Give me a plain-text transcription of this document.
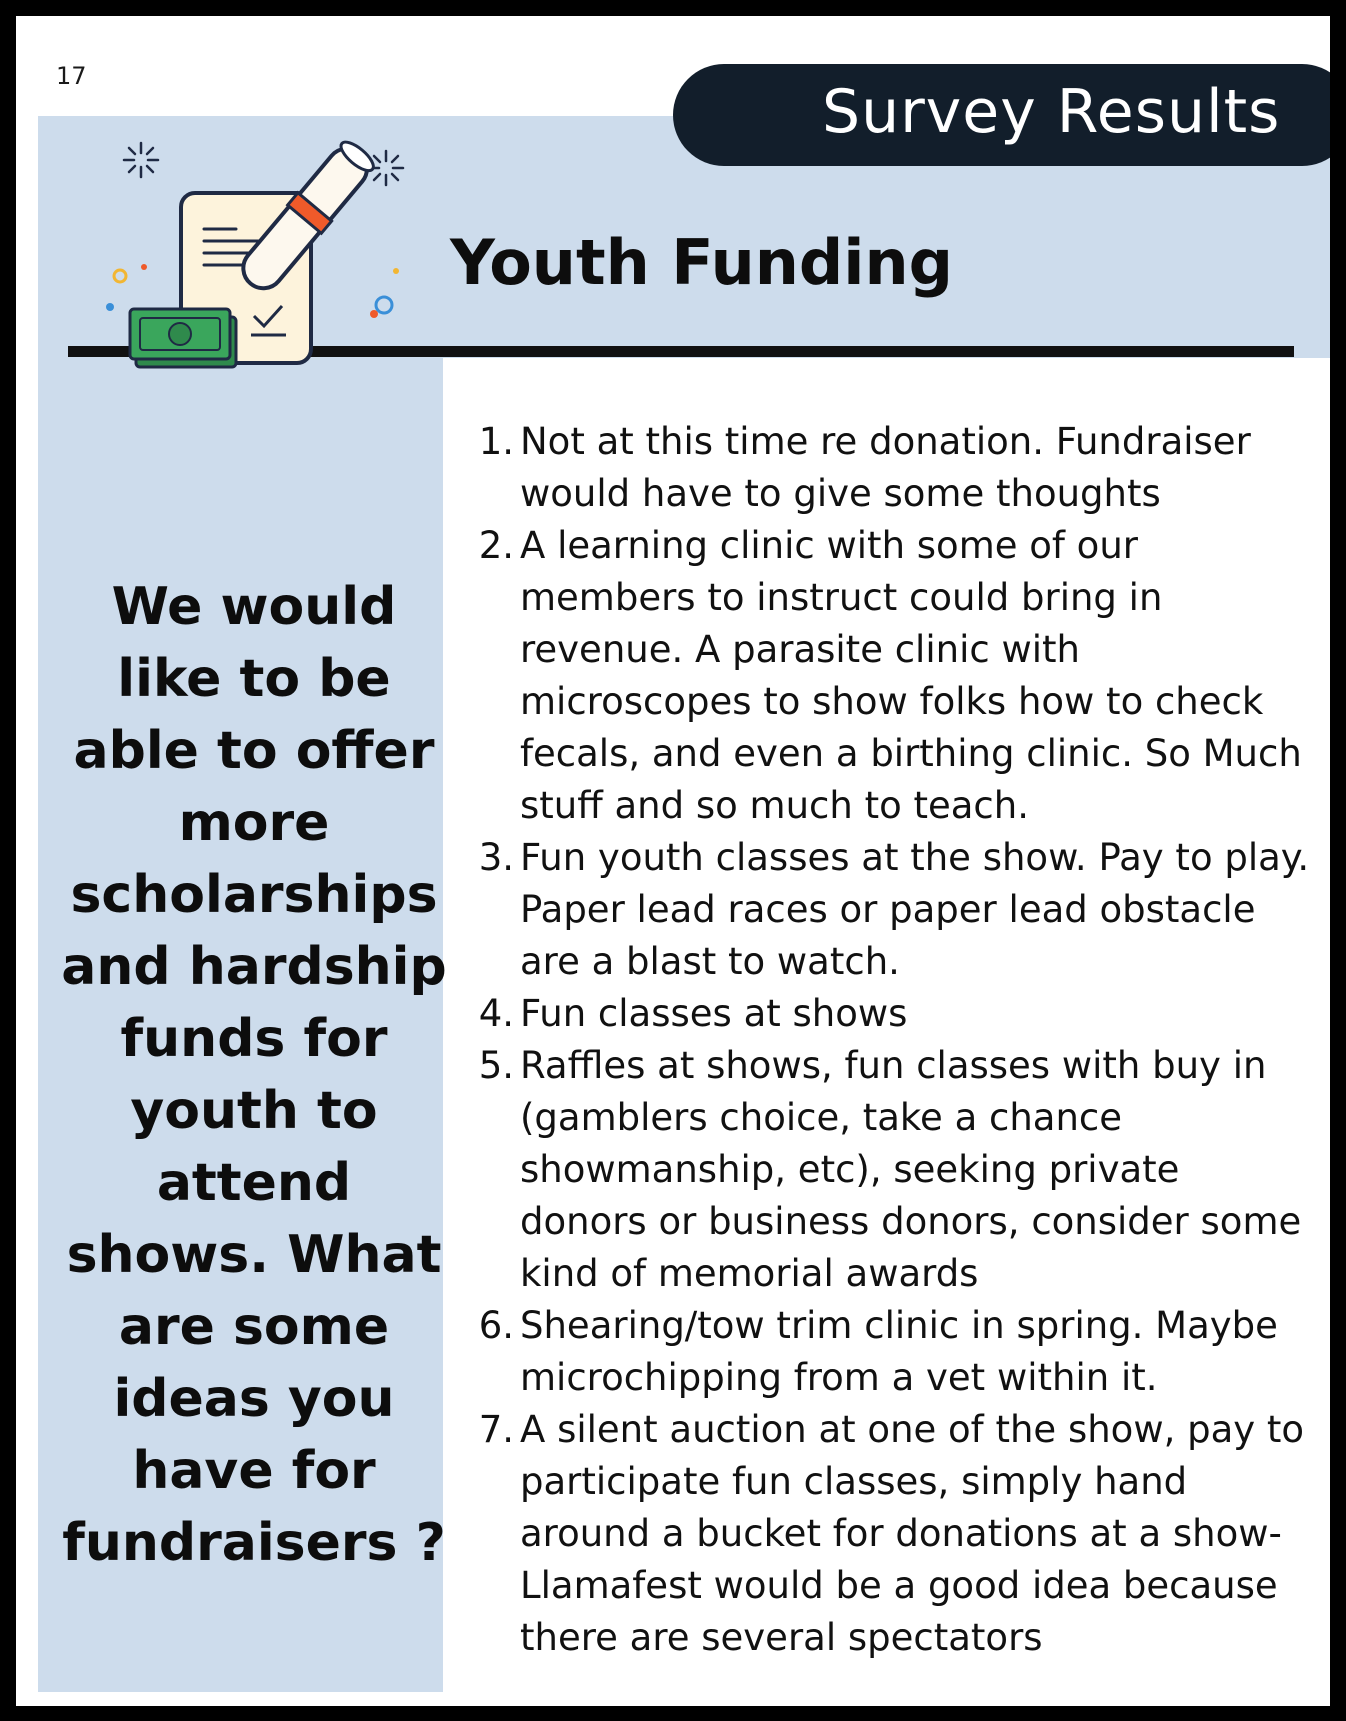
17
Survey Results
Youth Funding
We would like to be able to offer more scholarships and hardship funds for youth to attend shows. What are some ideas you have for fundraisers ?
1. Not at this time re donation. Fundraiser would have to give some thoughts
2. A learning clinic with some of our members to instruct could bring in revenue. A parasite clinic with microscopes to show folks how to check fecals, and even a birthing clinic. So Much stuff and so much to teach.
3. Fun youth classes at the show. Pay to play. Paper lead races or paper lead obstacle are a blast to watch.
4. Fun classes at shows
5. Raffles at shows, fun classes with buy in (gamblers choice, take a chance showmanship, etc), seeking private donors or business donors, consider some kind of memorial awards
6. Shearing/tow trim clinic in spring. Maybe microchipping from a vet within it.
7. A silent auction at one of the show, pay to participate fun classes, simply hand around a bucket for donations at a show-Llamafest would be a good idea because there are several spectators
